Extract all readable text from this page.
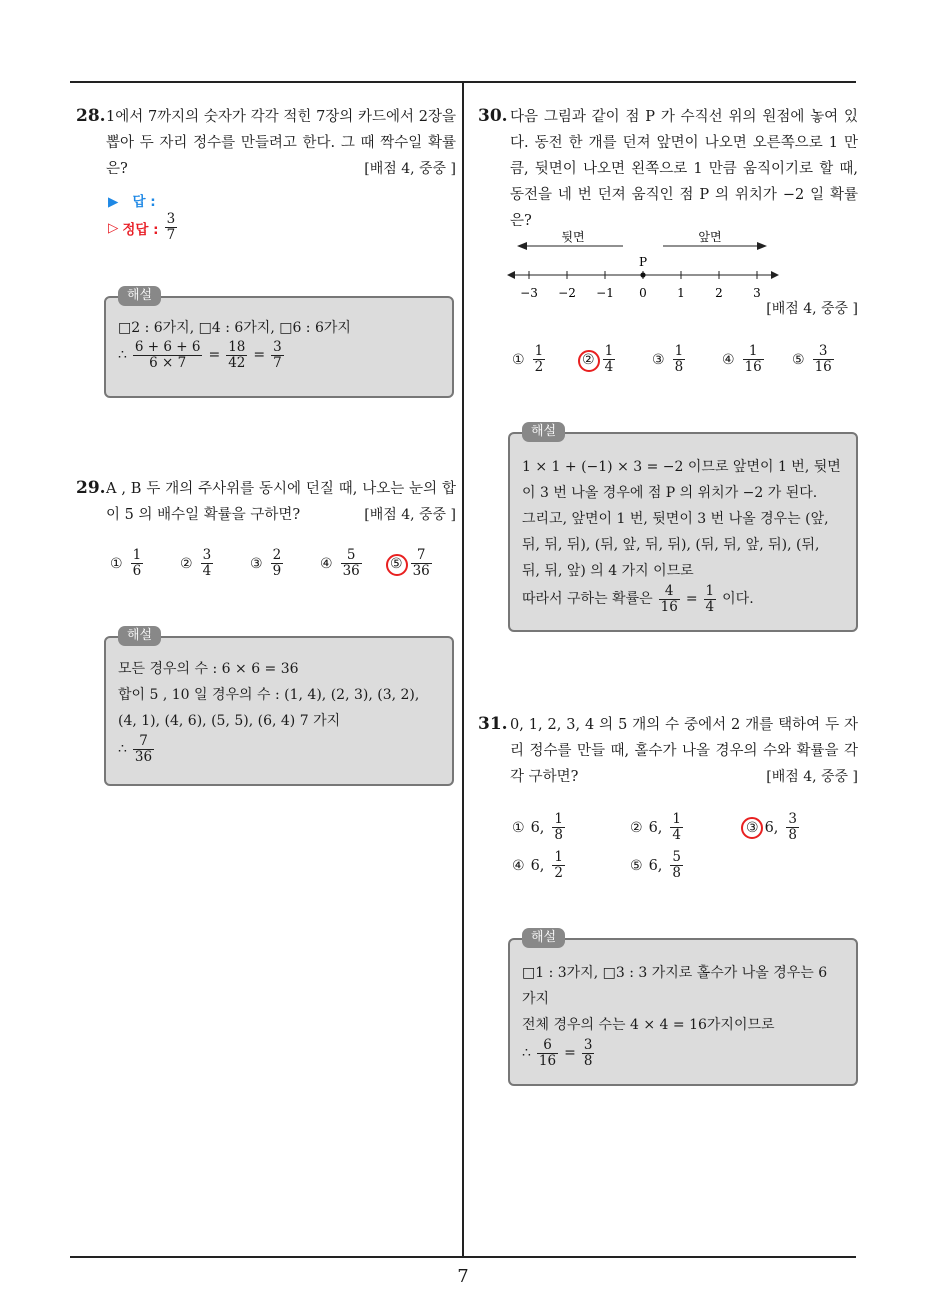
28. 1에서 7까지의 숫자가 각각 적힌 7장의 카드에서 2장을 뽑아 두 자리 정수를 만들려고 한다. 그 때 짝수일 확률은?	[배점 4, 중중 ]
▶ 답 :
▷ 정답 : $\frac{3}{7}$
해설
□2 : 6가지, □4 : 6가지, □6 : 6가지
∴ $\frac{6 + 6 + 6}{6 \times 7} = \frac{18}{42} = \frac{3}{7}$
29. A , B 두 개의 주사위를 동시에 던질 때, 나오는 눈의 합이 5 의 배수일 확률을 구하면?	[배점 4, 중중 ]
① $\frac{1}{6}$	② $\frac{3}{4}$	③ $\frac{2}{9}$	④ $\frac{5}{36}$ ⑤ $\frac{7}{36}$
해설
모든 경우의 수 : 6 × 6 = 36
합이 5 , 10 일 경우의 수 : (1, 4), (2, 3), (3, 2),
(4, 1), (4, 6), (5, 5), (6, 4) 7 가지
∴ $\frac{7}{36}$
30. 다음 그림과 같이 점 P 가 수직선 위의 원점에 놓여 있다. 동전 한 개를 던져 앞면이 나오면 오른쪽으로 1 만큼, 뒷면이 나오면 왼쪽으로 1 만큼 움직이기로 할 때, 동전을 네 번 던져 움직인 점 P 의 위치가 −2 일 확률은?
뒷면	앞면
P
−3 −2 −1 0	1	2	3
[배점 4, 중중 ]
① $\frac{1}{2}$	② $\frac{1}{4}$	③ $\frac{1}{8}$	④ $\frac{1}{16}$ ⑤ $\frac{3}{16}$
해설
1 × 1 + (−1) × 3 = −2 이므로 앞면이 1 번, 뒷면
이 3 번 나올 경우에 점 P 의 위치가 −2 가 된다.
그리고, 앞면이 1 번, 뒷면이 3 번 나올 경우는 (앞,
뒤, 뒤, 뒤), (뒤, 앞, 뒤, 뒤), (뒤, 뒤, 앞, 뒤), (뒤,
뒤, 뒤, 앞) 의 4 가지 이므로
따라서 구하는 확률은 $\frac{4}{16} = \frac{1}{4}$ 이다.
31. 0, 1, 2, 3, 4 의 5 개의 수 중에서 2 개를 택하여 두 자리 정수를 만들 때, 홀수가 나올 경우의 수와 확률을 각각 구하면?	[배점 4, 중중 ]
① 6, $\frac{1}{8}$	② 6, $\frac{1}{4}$	③ 6, $\frac{3}{8}$
④ 6, $\frac{1}{2}$	⑤ 6, $\frac{5}{8}$
해설
□1 : 3가지, □3 : 3 가지로 홀수가 나올 경우는 6
가지
전체 경우의 수는 4 × 4 = 16가지이므로
∴ $\frac{6}{16} = \frac{3}{8}$
7
